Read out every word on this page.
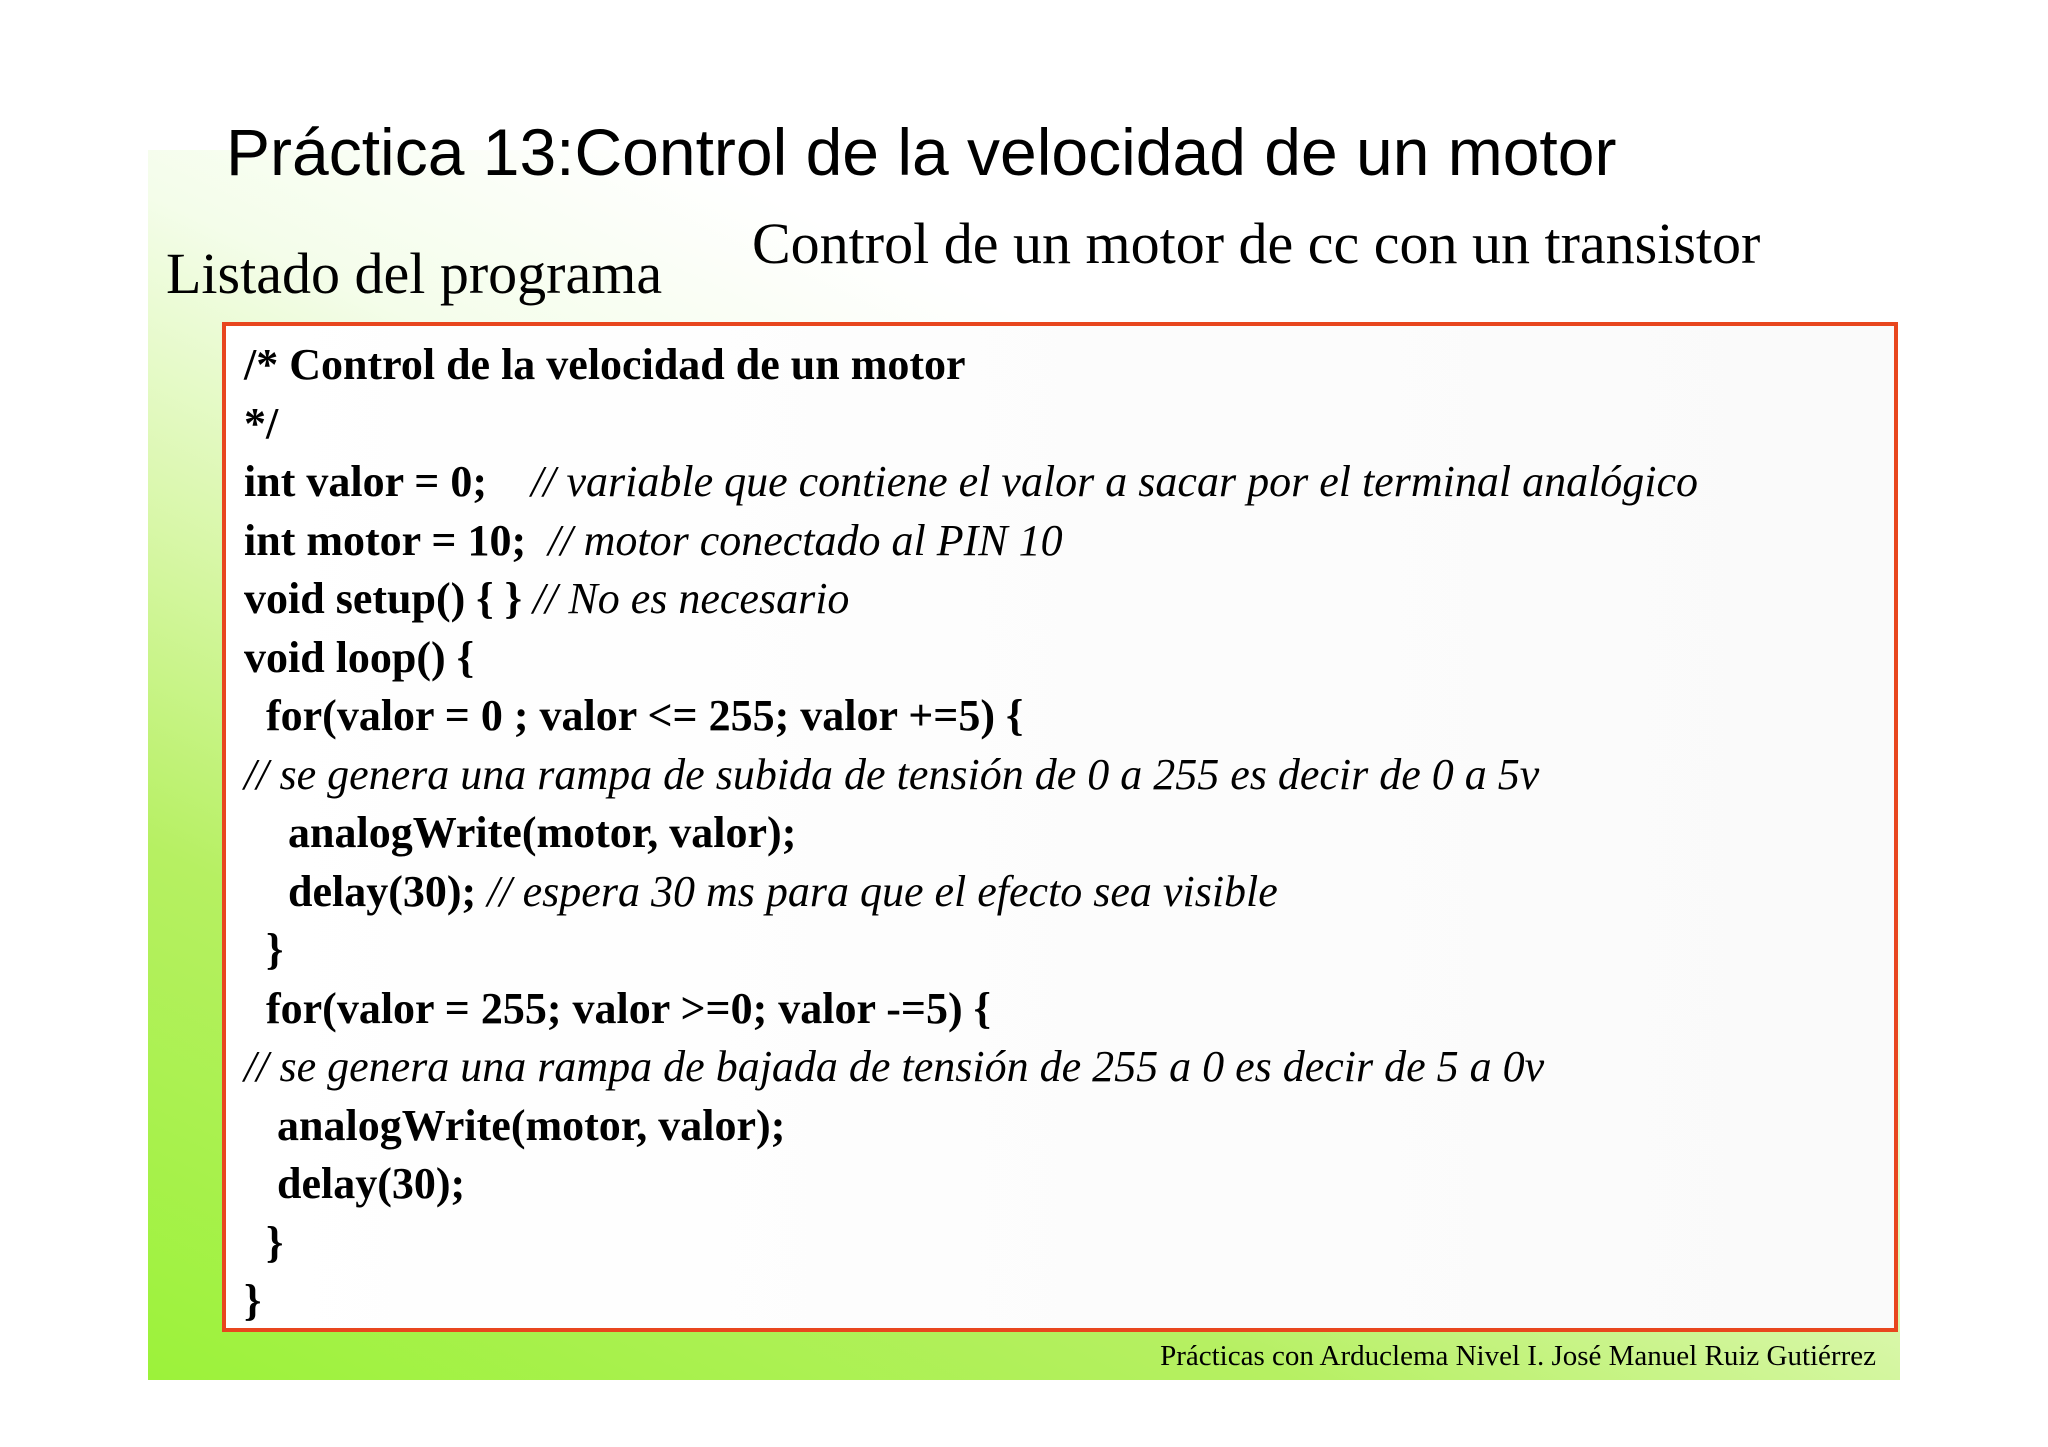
Práctica 13:Control de la velocidad de un motor
Control de un motor de cc con un transistor
Listado del programa
/* Control de la velocidad de un motor
*/
int valor = 0;    // variable que contiene el valor a sacar por el terminal analógico
int motor = 10;  // motor conectado al PIN 10
void setup() { } // No es necesario
void loop() {
for(valor = 0 ; valor <= 255; valor +=5) {
// se genera una rampa de subida de tensión de 0 a 255 es decir de 0 a 5v
analogWrite(motor, valor);
delay(30); // espera 30 ms para que el efecto sea visible
}
for(valor = 255; valor >=0; valor -=5) {
// se genera una rampa de bajada de tensión de 255 a 0 es decir de 5 a 0v
analogWrite(motor, valor);
delay(30);
}
}
Prácticas con Arduclema Nivel I. José Manuel Ruiz Gutiérrez
